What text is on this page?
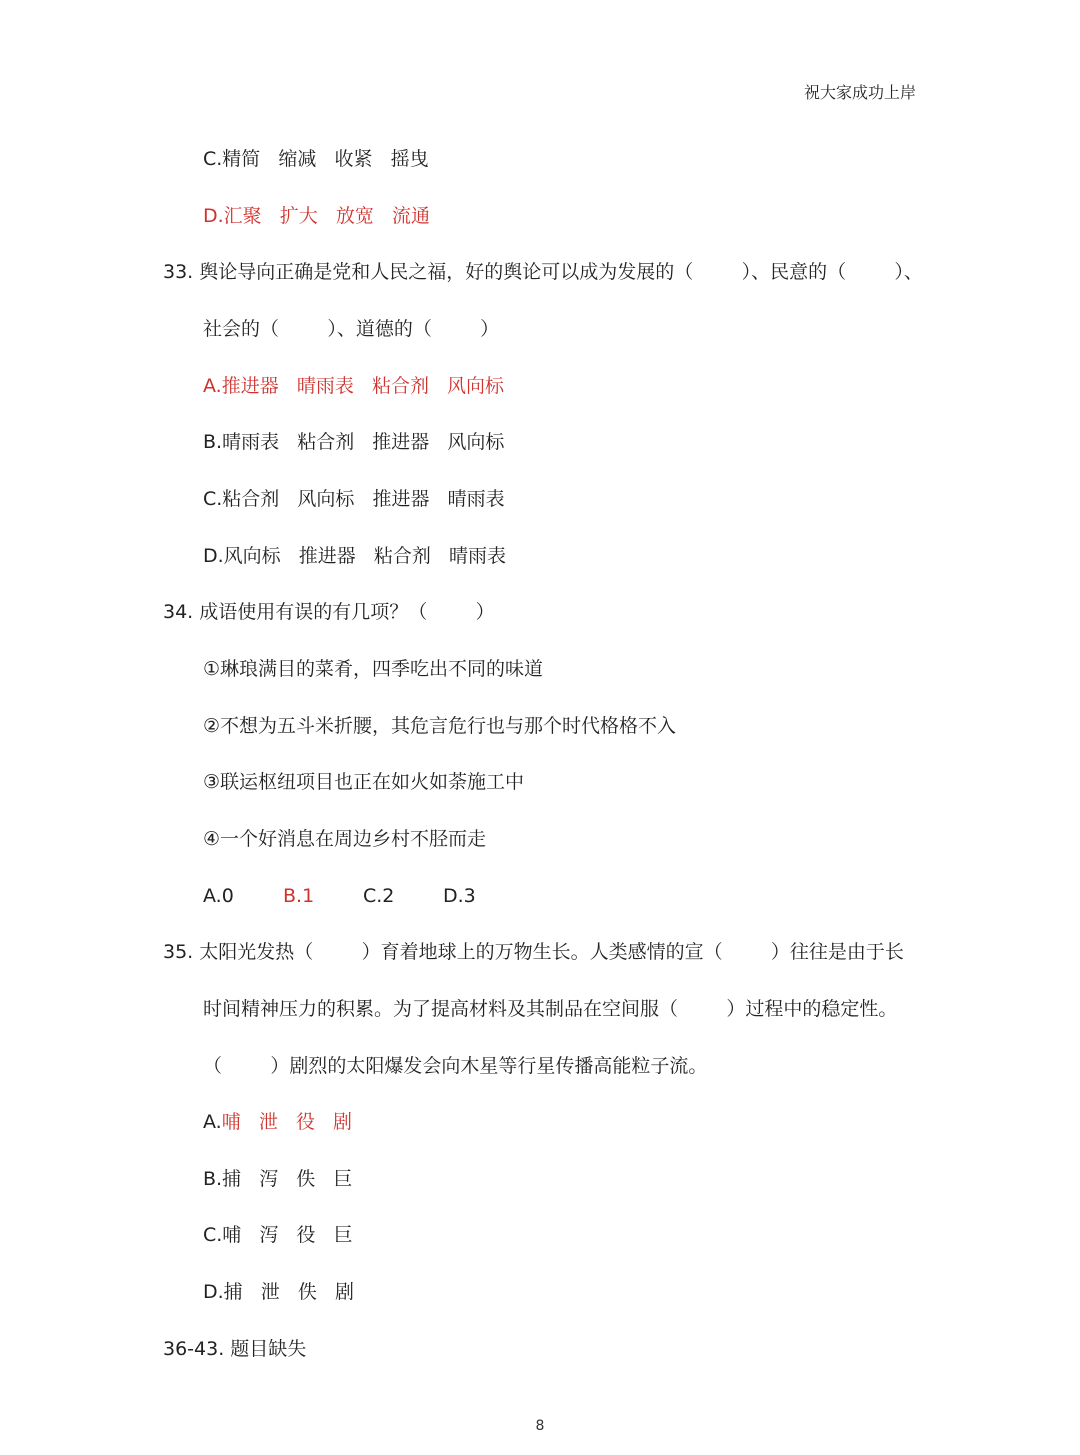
祝大家成功上岸
C.精简   缩减   收紧   摇曳
D.汇聚   扩大   放宽   流通
33. 舆论导向正确是党和人民之福，好的舆论可以成为发展的（        ）、民意的（        ）、
社会的（        ）、道德的（        ）
A.推进器   晴雨表   粘合剂   风向标
B.晴雨表   粘合剂   推进器   风向标
C.粘合剂   风向标   推进器   晴雨表
D.风向标   推进器   粘合剂   晴雨表
34. 成语使用有误的有几项？（        ）
①琳琅满目的菜肴，四季吃出不同的味道
②不想为五斗米折腰，其危言危行也与那个时代格格不入
③联运枢纽项目也正在如火如荼施工中
④一个好消息在周边乡村不胫而走
A.0	B.1	C.2	D.3
35. 太阳光发热（        ）育着地球上的万物生长。人类感情的宣（        ）往往是由于长
时间精神压力的积累。为了提高材料及其制品在空间服（        ）过程中的稳定性。
（        ）剧烈的太阳爆发会向木星等行星传播高能粒子流。
A.哺   泄   役   剧
B.捕   泻   佚   巨
C.哺   泻   役   巨
D.捕   泄   佚   剧
36-43. 题目缺失
8
